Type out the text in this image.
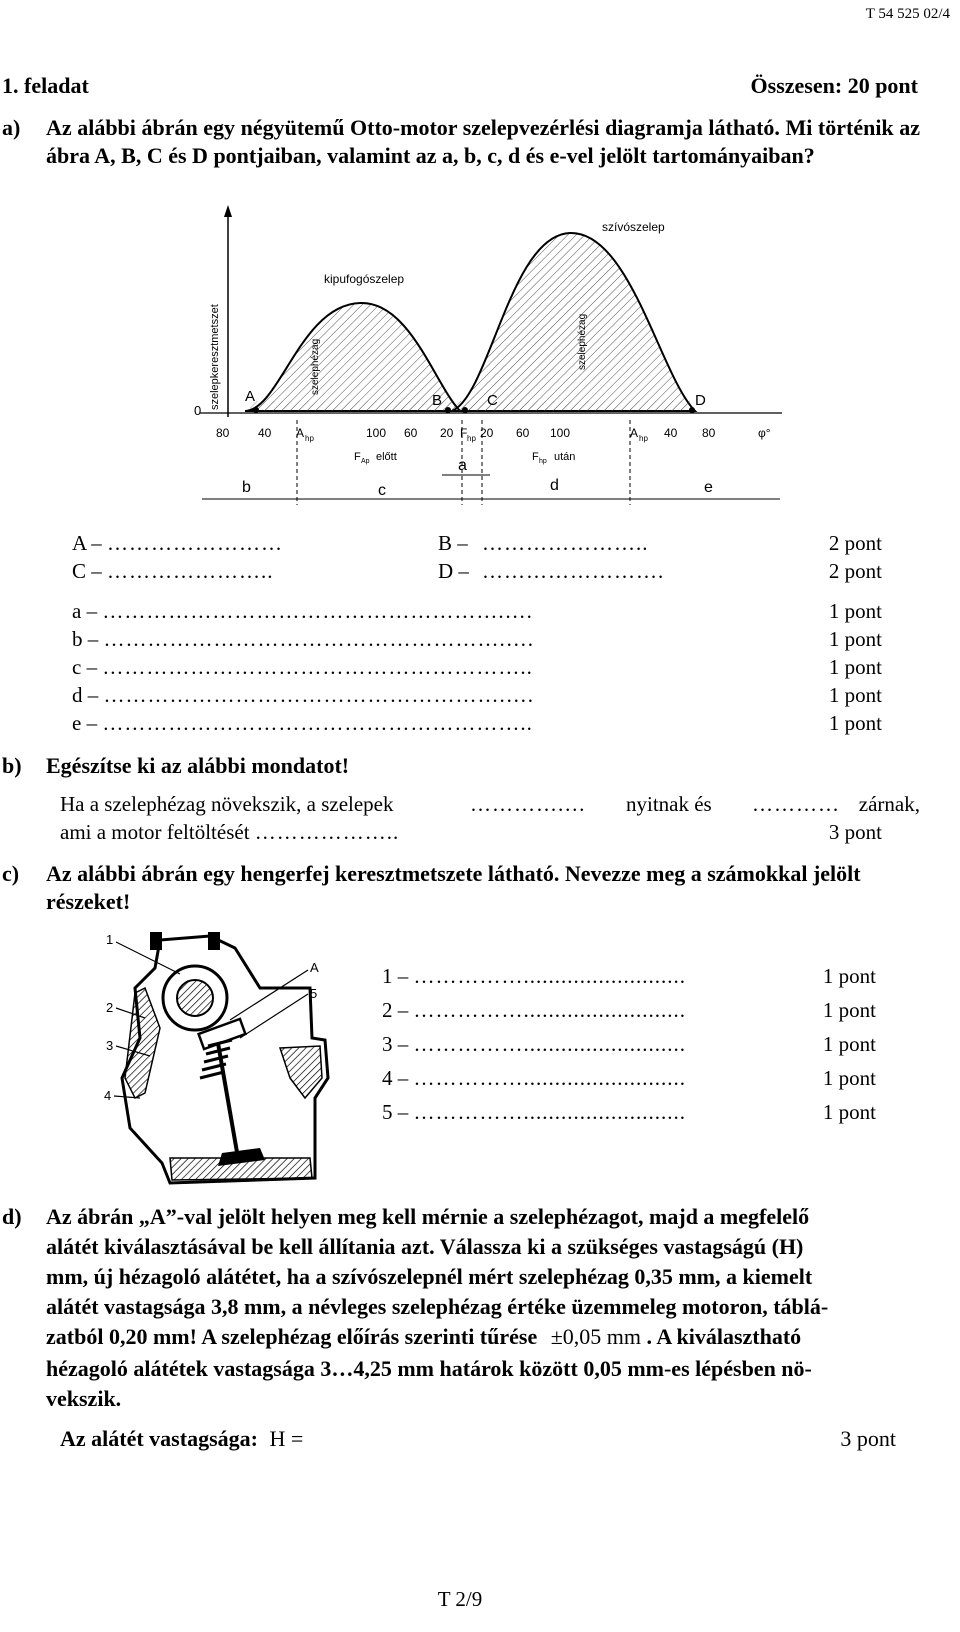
T 54 525 02/4
1. feladat	Összesen: 20 pont
a) Az alábbi ábrán egy négyütemű Otto-motor szelepvezérlési diagramja látható. Mi történik az ábra A, B, C és D pontjaiban, valamint az a, b, c, d és e-vel jelölt tartományaiban?
szelepkeresztmetszet	szelephézag	szelephézag
kipufogószelep
szívószelep
0
A	B	C	D
80 40 A hp	100 60 20 F hp 20 60 100	A hp 40 80	φ°
F Ap előtt	F hp után
b	c
a
d	e
A – ……………………	B – …………………..	2 pont
C – …………………..	D – …………………….	2 pont
a – ……………………………………………….….	1 pont
b – ……………………………………………….….	1 pont
c – …………………………………………………..	1 pont
d – ……………………………………………….….	1 pont
e – …………………………………………………..	1 pont
b) Egészítse ki az alábbi mondatot!
Ha a szelephézag növekszik, a szelepek	………….… nyitnak és ………… zárnak,
ami a motor feltöltését ………………..	3 pont
c) Az alábbi ábrán egy hengerfej keresztmetszete látható. Nevezze meg a számokkal jelölt részeket!
1
2
3
4
A
5
1 – ……………..........................	1 pont
2 – ……………..........................	1 pont
3 – ……………..........................	1 pont
4 – ……………..........................	1 pont
5 – ……………..........................	1 pont
d) Az ábrán „A”-val jelölt helyen meg kell mérnie a szelephézagot, majd a megfelelő
alátét kiválasztásával be kell állítania azt. Válassza ki a szükséges vastagságú (H)
mm, új hézagoló alátétet, ha a szívószelepnél mért szelephézag 0,35 mm, a kiemelt
alátét vastagsága 3,8 mm, a névleges szelephézag értéke üzemmeleg motoron, táblá-
zatból 0,20 mm! A szelephézag előírás szerinti tűrése ±0,05 mm . A kiválasztható
hézagoló alátétek vastagsága 3…4,25 mm határok között 0,05 mm-es lépésben nö-
vekszik.
Az alátét vastagsága: H =	3 pont
T 2/9
